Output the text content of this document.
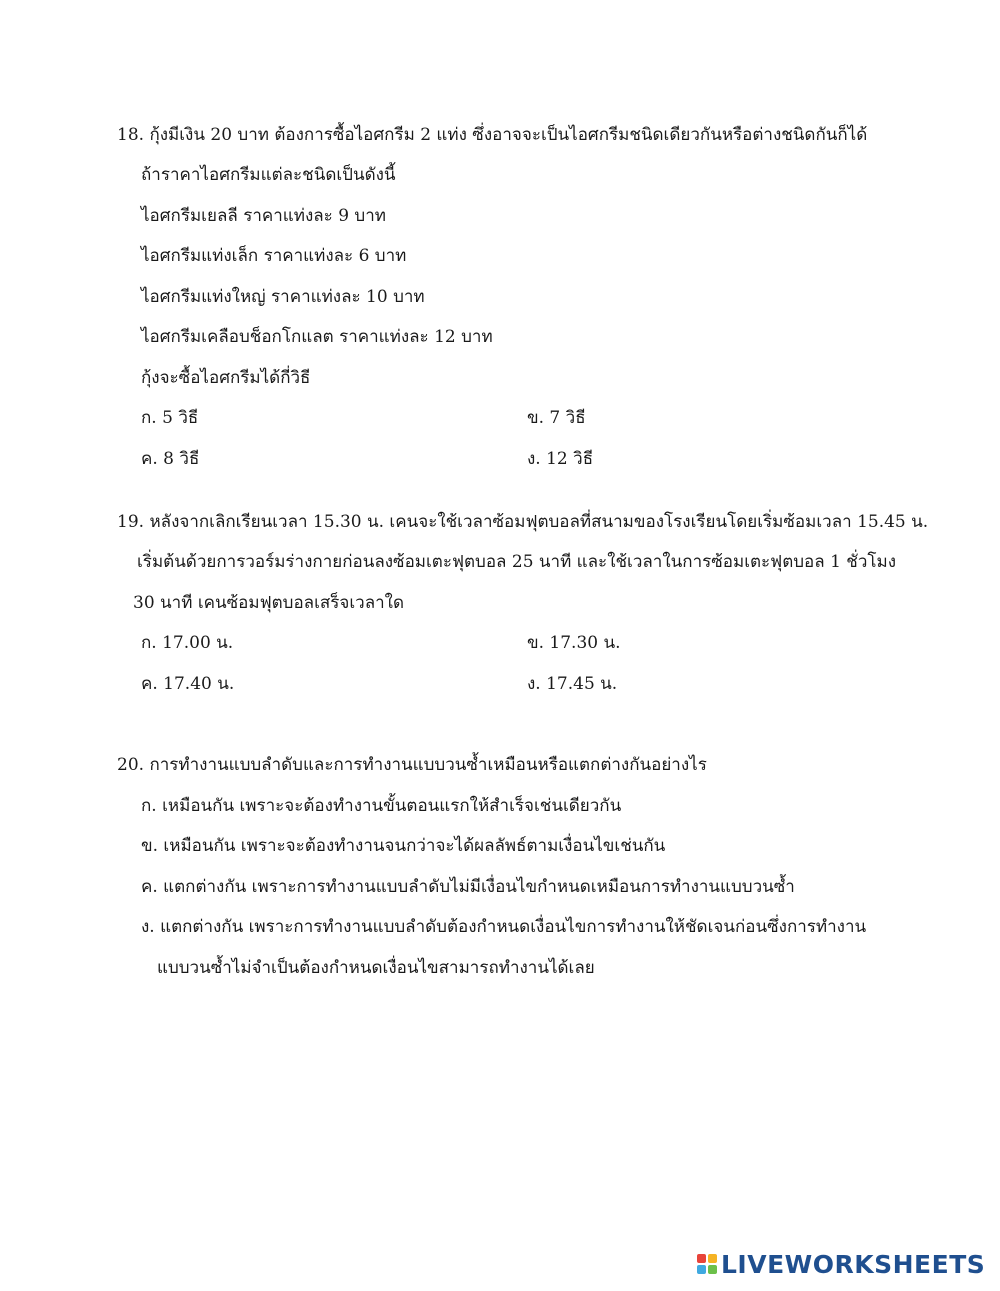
18. กุ้งมีเงิน 20 บาท ต้องการซื้อไอศกรีม 2 แท่ง ซึ่งอาจจะเป็นไอศกรีมชนิดเดียวกันหรือต่างชนิดกันก็ได้
ถ้าราคาไอศกรีมแต่ละชนิดเป็นดังนี้
ไอศกรีมเยลลี ราคาแท่งละ 9 บาท
ไอศกรีมแท่งเล็ก ราคาแท่งละ 6 บาท
ไอศกรีมแท่งใหญ่ ราคาแท่งละ 10 บาท
ไอศกรีมเคลือบช็อกโกแลต ราคาแท่งละ 12 บาท
กุ้งจะซื้อไอศกรีมได้กี่วิธี
ก. 5 วิธี	ข. 7 วิธี
ค. 8 วิธี	ง. 12 วิธี
19. หลังจากเลิกเรียนเวลา 15.30 น. เคนจะใช้เวลาซ้อมฟุตบอลที่สนามของโรงเรียนโดยเริ่มซ้อมเวลา 15.45 น.
เริ่มต้นด้วยการวอร์มร่างกายก่อนลงซ้อมเตะฟุตบอล 25 นาที และใช้เวลาในการซ้อมเตะฟุตบอล 1 ชั่วโมง
30 นาที เคนซ้อมฟุตบอลเสร็จเวลาใด
ก. 17.00 น.	ข. 17.30 น.
ค. 17.40 น.	ง. 17.45 น.
20. การทำงานแบบลำดับและการทำงานแบบวนซ้ำเหมือนหรือแตกต่างกันอย่างไร
ก. เหมือนกัน เพราะจะต้องทำงานขั้นตอนแรกให้สำเร็จเช่นเดียวกัน
ข. เหมือนกัน เพราะจะต้องทำงานจนกว่าจะได้ผลลัพธ์ตามเงื่อนไขเช่นกัน
ค. แตกต่างกัน เพราะการทำงานแบบลำดับไม่มีเงื่อนไขกำหนดเหมือนการทำงานแบบวนซ้ำ
ง. แตกต่างกัน เพราะการทำงานแบบลำดับต้องกำหนดเงื่อนไขการทำงานให้ชัดเจนก่อนซึ่งการทำงาน
แบบวนซ้ำไม่จำเป็นต้องกำหนดเงื่อนไขสามารถทำงานได้เลย
LIVEWORKSHEETS
